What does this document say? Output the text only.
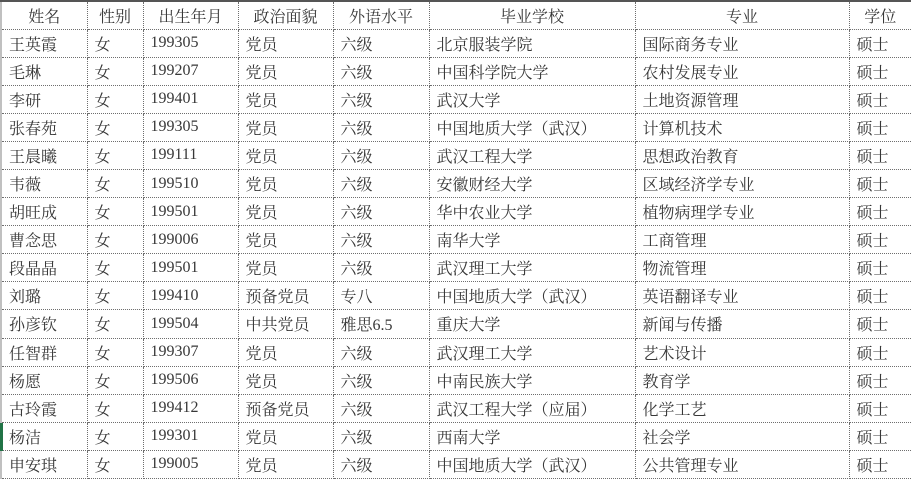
姓名	性别	出生年月	政治面貌	外语水平	毕业学校	专业	学位
王英霞	女	199305	党员	六级	北京服装学院	国际商务专业	硕士
毛琳	女	199207	党员	六级	中国科学院大学	农村发展专业	硕士
李研	女	199401	党员	六级	武汉大学	土地资源管理	硕士
张春苑	女	199305	党员	六级	中国地质大学（武汉）	计算机技术	硕士
王晨曦	女	199111	党员	六级	武汉工程大学	思想政治教育	硕士
韦薇	女	199510	党员	六级	安徽财经大学	区域经济学专业	硕士
胡旺成	女	199501	党员	六级	华中农业大学	植物病理学专业	硕士
曹念思	女	199006	党员	六级	南华大学	工商管理	硕士
段晶晶	女	199501	党员	六级	武汉理工大学	物流管理	硕士
刘璐	女	199410	预备党员	专八	中国地质大学（武汉）	英语翻译专业	硕士
孙彦钦	女	199504	中共党员	雅思6.5	重庆大学	新闻与传播	硕士
任智群	女	199307	党员	六级	武汉理工大学	艺术设计	硕士
杨愿	女	199506	党员	六级	中南民族大学	教育学	硕士
古玲霞	女	199412	预备党员	六级	武汉工程大学（应届）	化学工艺	硕士
杨洁	女	199301	党员	六级	西南大学	社会学	硕士
申安琪	女	199005	党员	六级	中国地质大学（武汉）	公共管理专业	硕士
